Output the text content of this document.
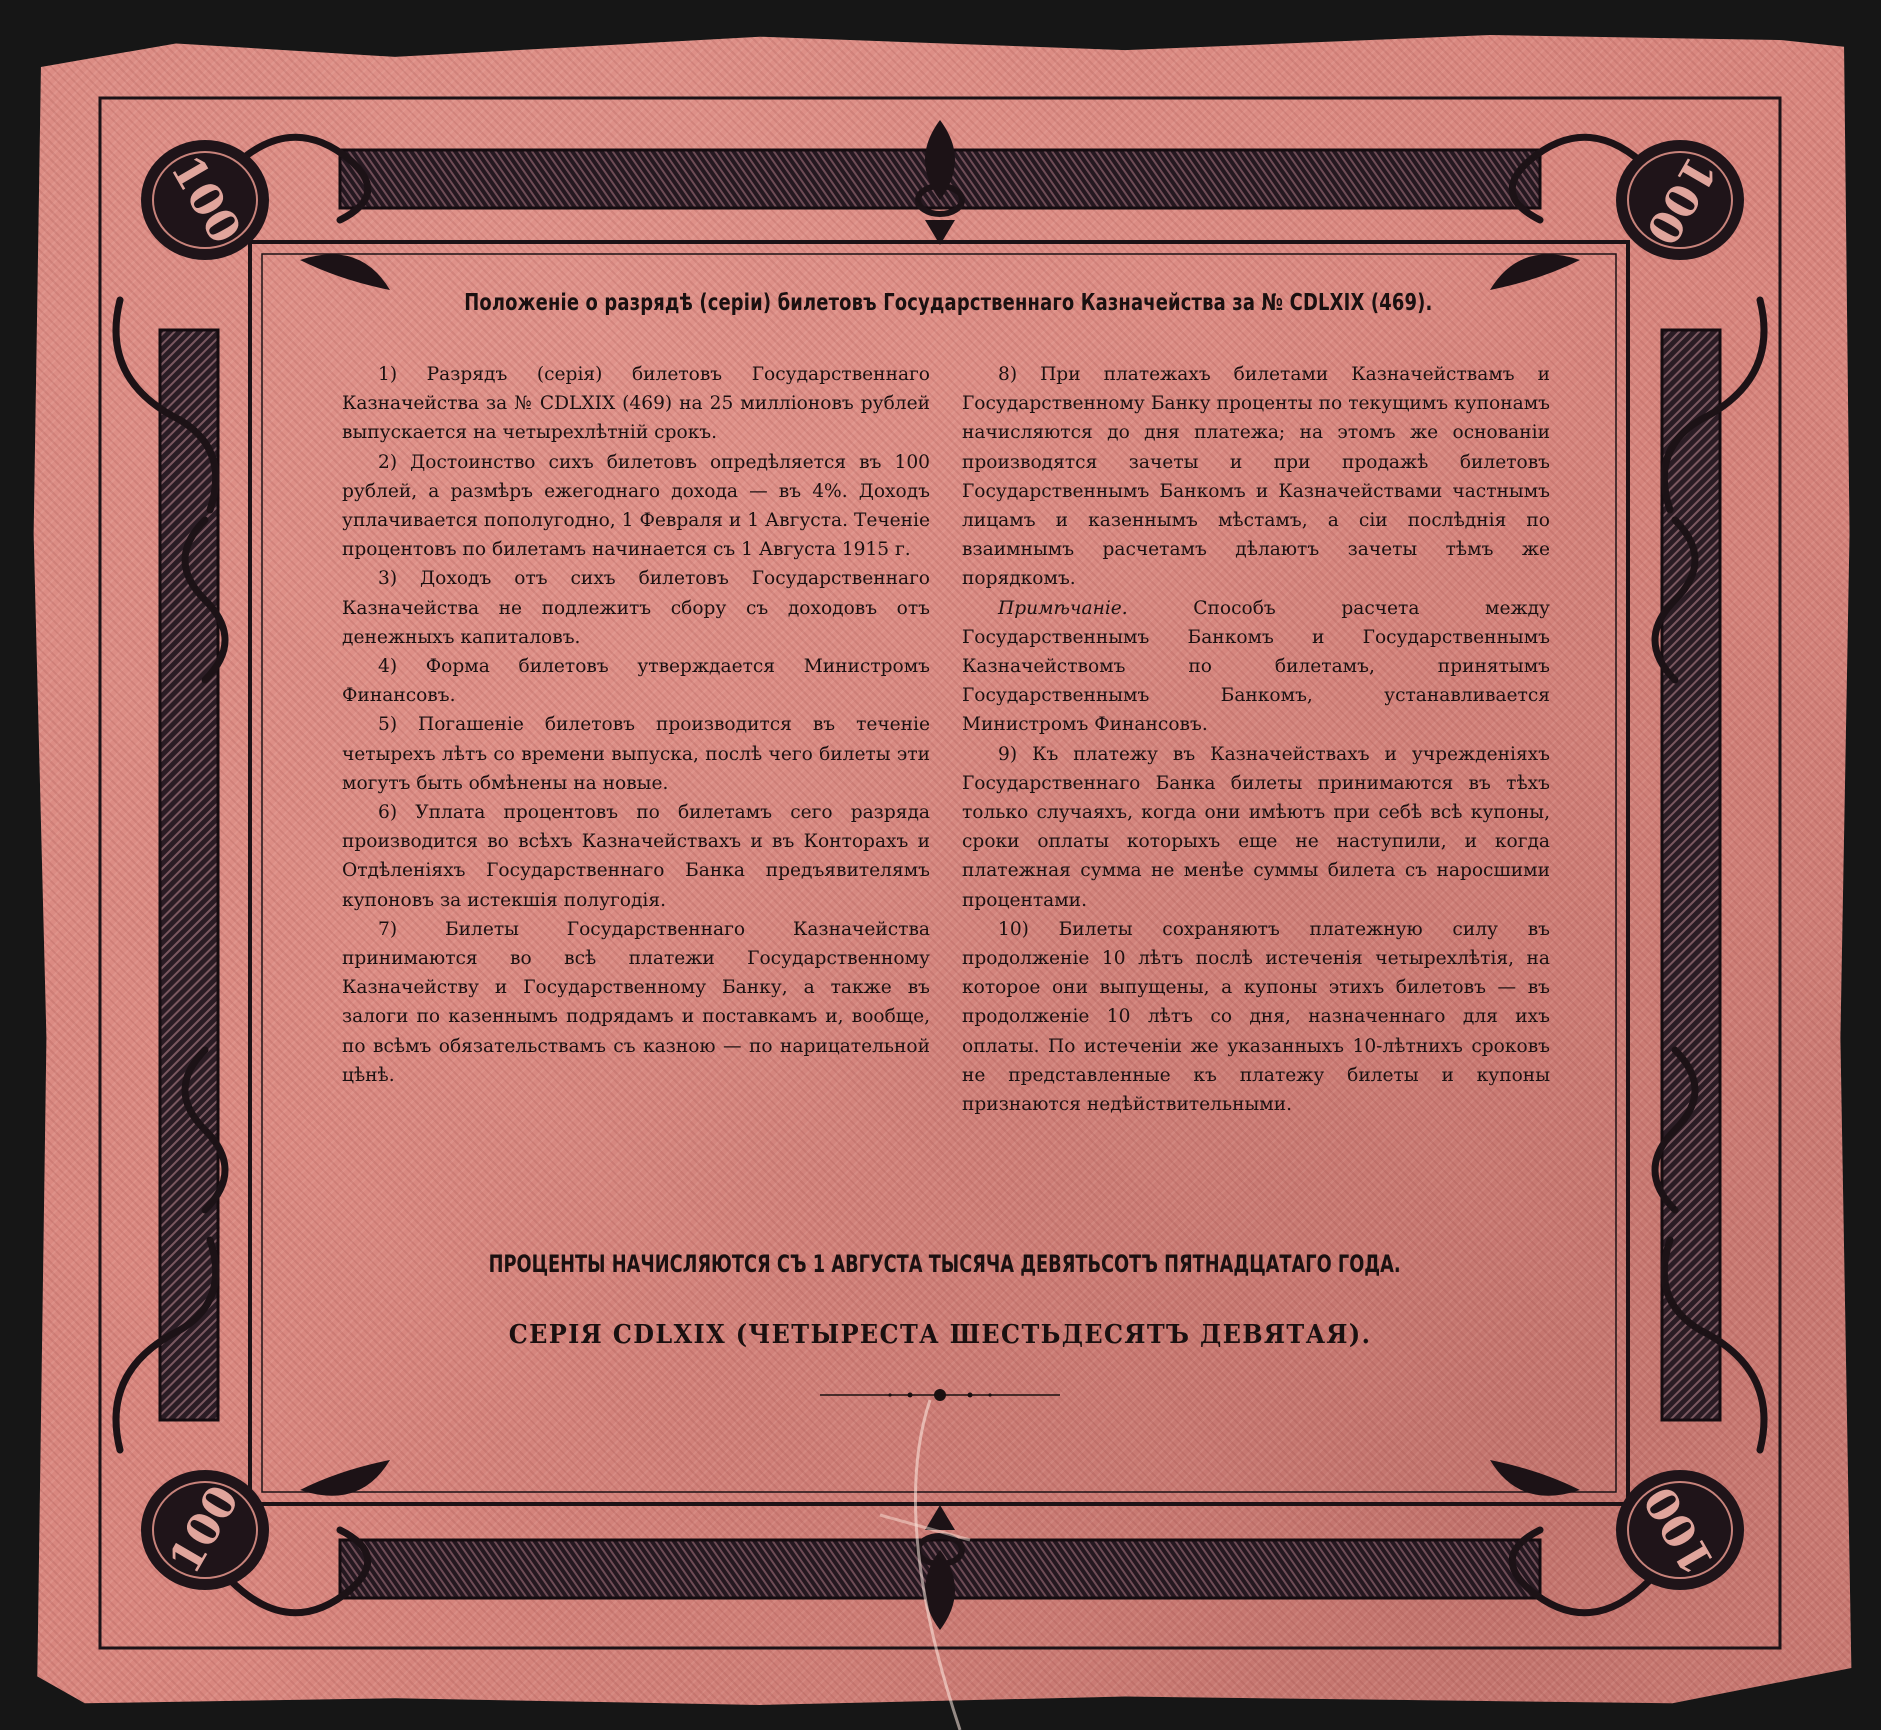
100	100
100	100
Положенiе о разрядѣ (серiи) билетовъ Государственнаго Казначейства за № CDLXIX (469).

1) Разрядъ (серiя) билетовъ Государственнаго Казначейства за № CDLXIX (469) на 25 миллiоновъ рублей выпускается на четырехлѣтнiй срокъ.

2) Достоинство сихъ билетовъ опредѣляется въ 100 рублей, а размѣръ ежегоднаго дохода — въ 4%. Доходъ уплачивается пополугодно, 1 Февраля и 1 Августа. Теченiе процентовъ по билетамъ начинается съ 1 Августа 1915 г.

3) Доходъ отъ сихъ билетовъ Государственнаго Казначейства не подлежитъ сбору съ доходовъ отъ денежныхъ капиталовъ.

4) Форма билетовъ утверждается Министромъ Финансовъ.

5) Погашенiе билетовъ производится въ теченiе четырехъ лѣтъ со времени выпуска, послѣ чего билеты эти могутъ быть обмѣнены на новые.

6) Уплата процентовъ по билетамъ сего разряда производится во всѣхъ Казначействахъ и въ Конторахъ и Отдѣленiяхъ Государственнаго Банка предъявителямъ купоновъ за истекшiя полугодiя.

7) Билеты Государственнаго Казначейства принимаются во всѣ платежи Государственному Казначейству и Государственному Банку, а также въ залоги по казеннымъ подрядамъ и поставкамъ и, вообще, по всѣмъ обязательствамъ съ казною — по нарицательной цѣнѣ.

8) При платежахъ билетами Казначействамъ и Государственному Банку проценты по текущимъ купонамъ начисляются до дня платежа; на этомъ же основанiи производятся зачеты и при продажѣ билетовъ Государственнымъ Банкомъ и Казначействами частнымъ лицамъ и казеннымъ мѣстамъ, а сiи послѣднiя по взаимнымъ расчетамъ дѣлаютъ зачеты тѣмъ же порядкомъ.

Примѣчанiе. Способъ расчета между Государственнымъ Банкомъ и Государственнымъ Казначействомъ по билетамъ, принятымъ Государственнымъ Банкомъ, устанавливается Министромъ Финансовъ.

9) Къ платежу въ Казначействахъ и учрежденiяхъ Государственнаго Банка билеты принимаются въ тѣхъ только случаяхъ, когда они имѣютъ при себѣ всѣ купоны, сроки оплаты которыхъ еще не наступили, и когда платежная сумма не менѣе суммы билета съ наросшими процентами.

10) Билеты сохраняютъ платежную силу въ продолженiе 10 лѣтъ послѣ истеченiя четырехлѣтiя, на которое они выпущены, а купоны этихъ билетовъ — въ продолженiе 10 лѣтъ со дня, назначеннаго для ихъ оплаты. По истеченiи же указанныхъ 10-лѣтнихъ сроковъ не представленные къ платежу билеты и купоны признаются недѣйствительными.

ПРОЦЕНТЫ НАЧИСЛЯЮТСЯ СЪ 1 АВГУСТА ТЫСЯЧА ДЕВЯТЬСОТЪ ПЯТНАДЦАТАГО ГОДА.
СЕРIЯ CDLXIX (ЧЕТЫРЕСТА ШЕСТЬДЕСЯТЪ ДЕВЯТАЯ).
